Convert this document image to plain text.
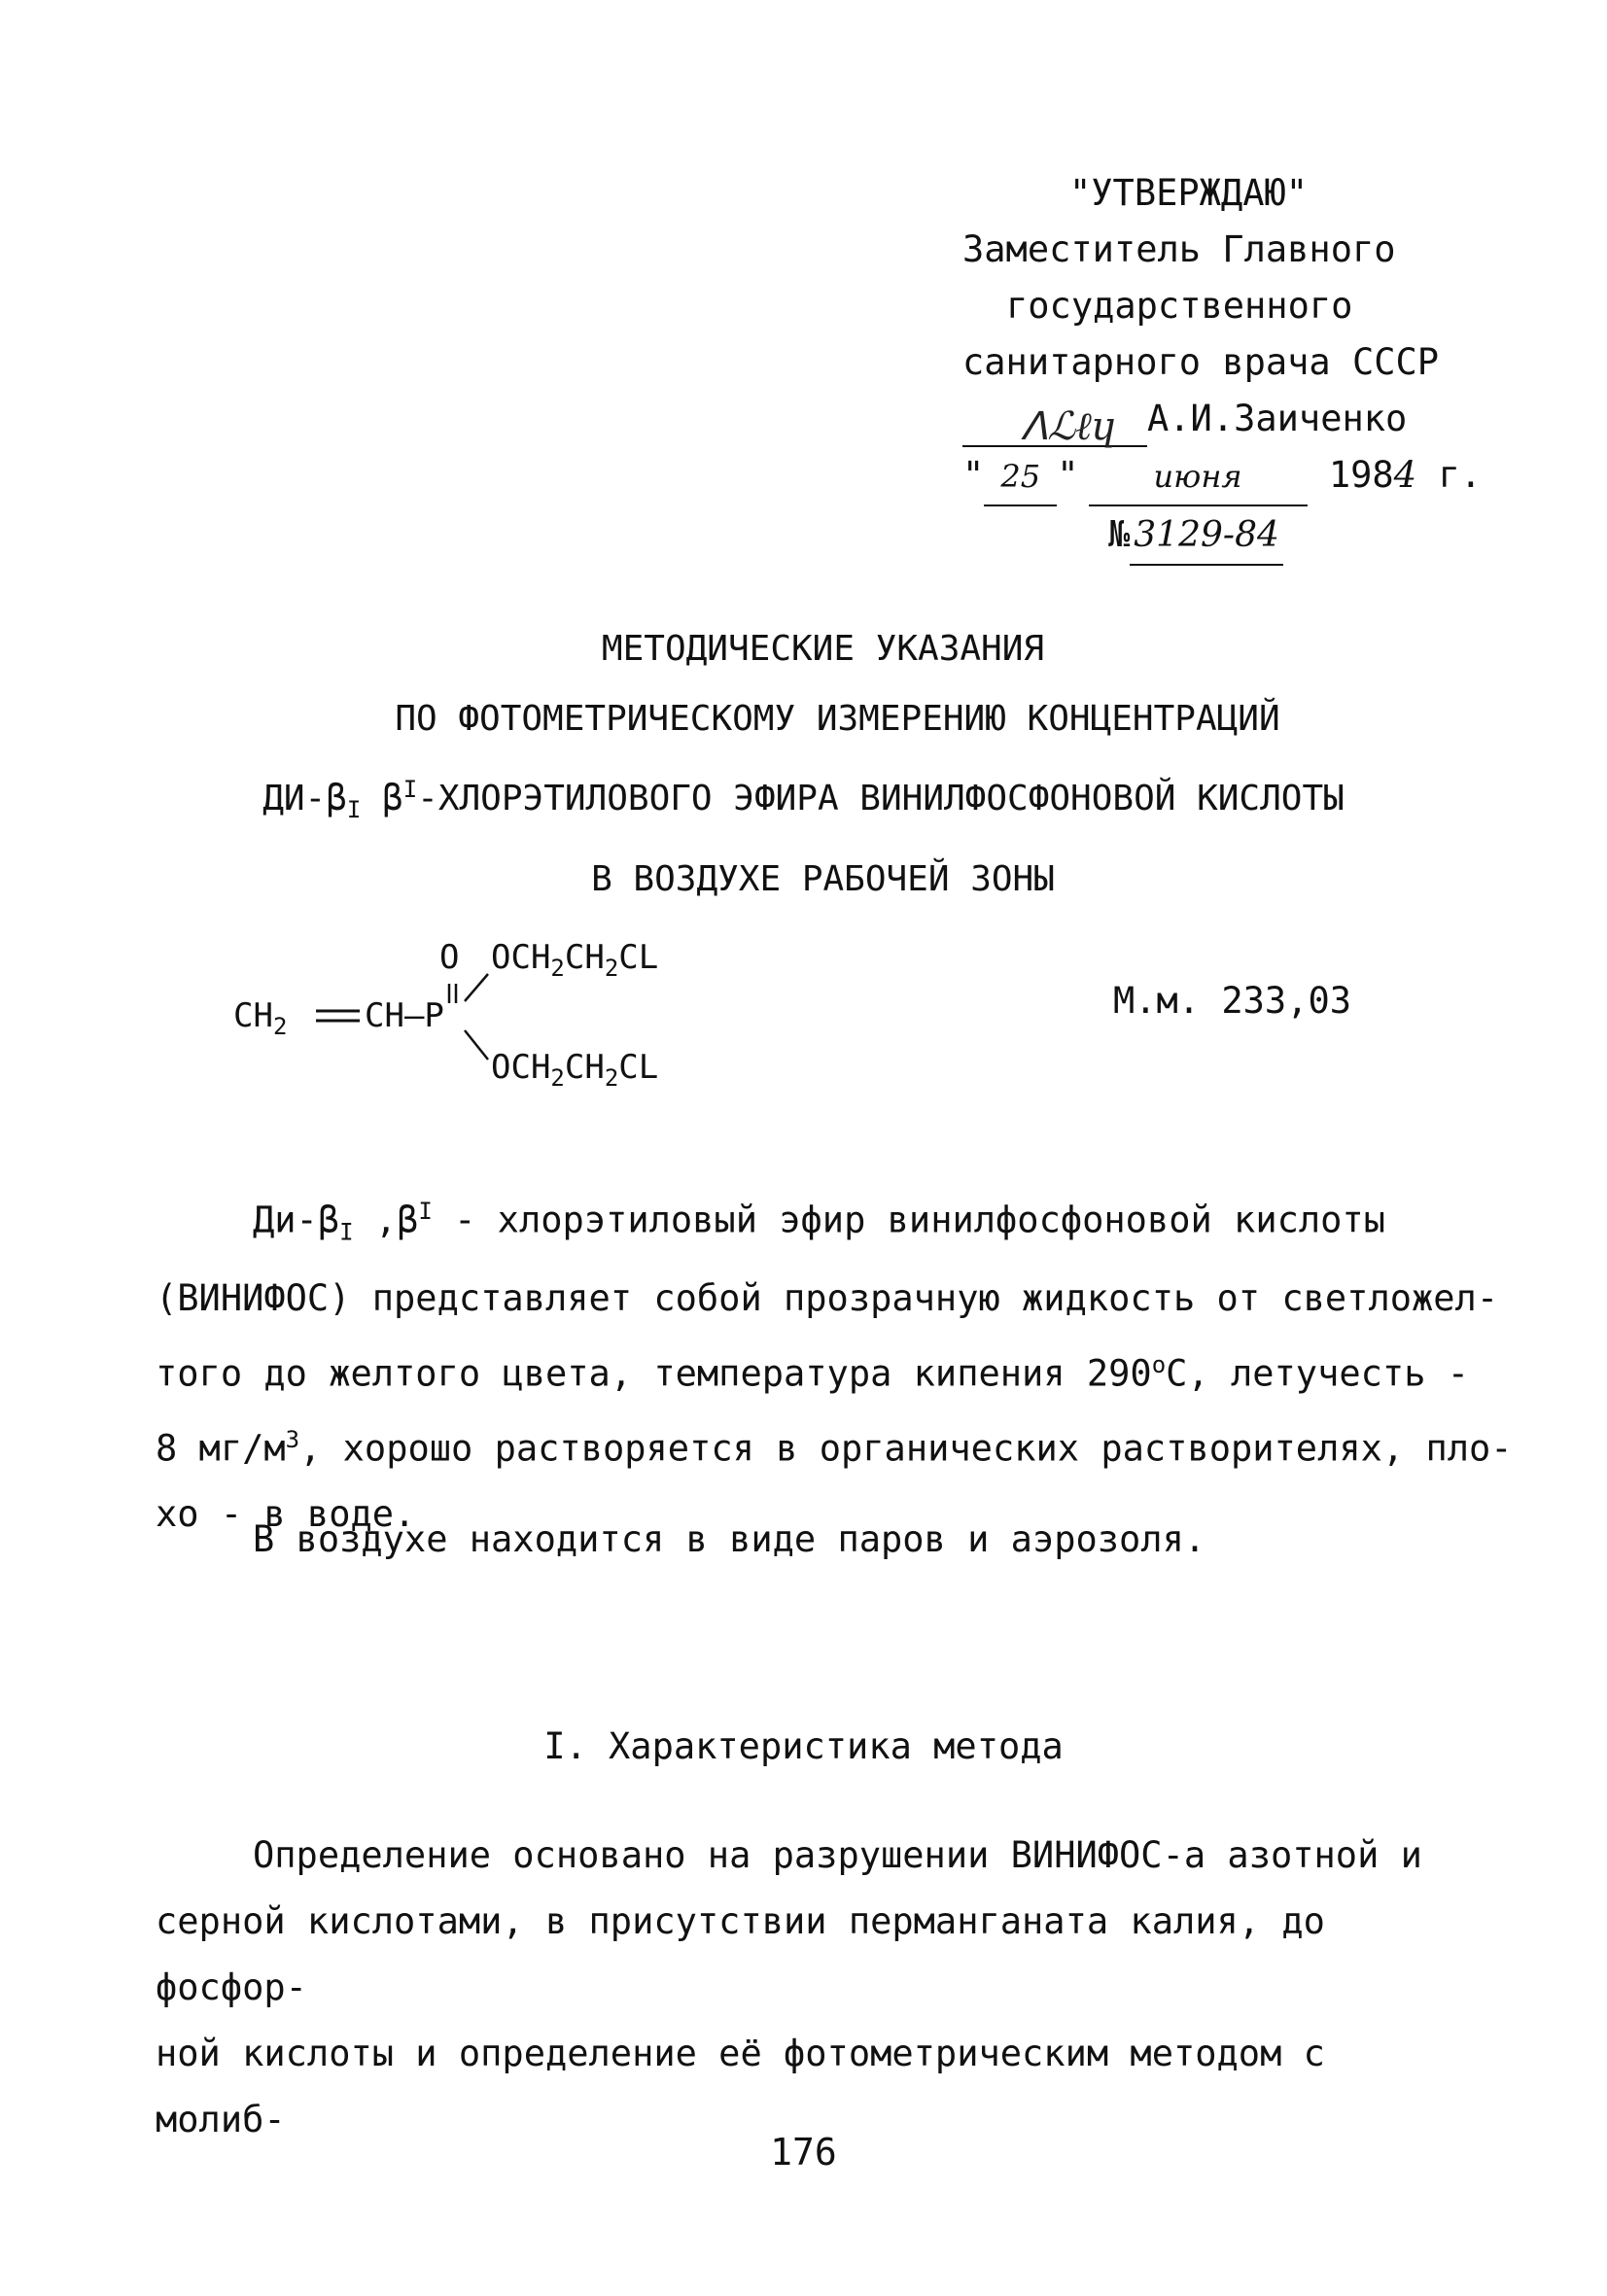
"УТВЕРЖДАЮ"
Заместитель Главного
государственного
санитарного врача СССР
ᐱℒℓɥ А.И.Заиченко
" 25 " июня 1984 г.
№ 3129-84
МЕТОДИЧЕСКИЕ УКАЗАНИЯ
ПО ФОТОМЕТРИЧЕСКОМУ ИЗМЕРЕНИЮ КОНЦЕНТРАЦИЙ
$ДИ-\beta_I$ $\beta^I$-ХЛОРЭТИЛОВОГО ЭФИРА ВИНИЛФОСФОНОВОЙ КИСЛОТЫ
В ВОЗДУХЕ РАБОЧЕЙ ЗОНЫ
$CH_2$ CH—P
O $OCH_2CH_2CL$
$OCH_2CH_2CL$
М.м. 233,03
$Ди-\beta_I$ $,\beta^I$ - хлорэтиловый эфир винилфосфоновой кислоты
(ВИНИФОС) представляет собой прозрачную жидкость от светложел-
того до желтого цвета, температура кипения $290^оС$, летучесть -
8 $мг/м^3$, хорошо растворяется в органических растворителях, пло-
хо - в воде.
В воздухе находится в виде паров и аэрозоля.
I. Характеристика метода
Определение основано на разрушении ВИНИФОС-а азотной и
серной кислотами, в присутствии перманганата калия, до фосфор-
ной кислоты и определение её фотометрическим методом с молиб-
176
